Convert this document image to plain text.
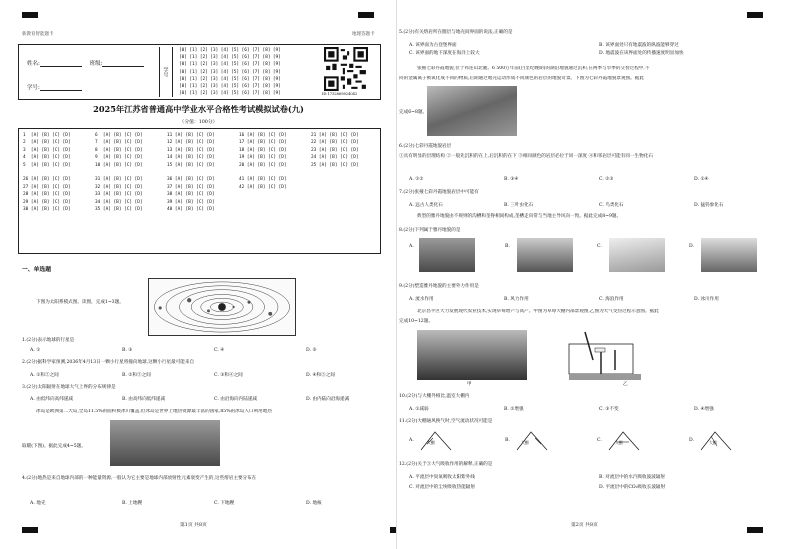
新教育智能题卡	地理答题卡
姓名:	班级:
学号:
学号
[0] [1] [2] [3] [4] [5] [6] [7] [8] [9]
[0] [1] [2] [3] [4] [5] [6] [7] [8] [9]
[0] [1] [2] [3] [4] [5] [6] [7] [8] [9]
[0] [1] [2] [3] [4] [5] [6] [7] [8] [9]
[0] [1] [2] [3] [4] [5] [6] [7] [8] [9]
[0] [1] [2] [3] [4] [5] [6] [7] [8] [9]
[0] [1] [2] [3] [4] [5] [6] [7] [8] [9]	ID:1732869824042
2025年江苏省普通高中学业水平合格性考试模拟试卷(九)
（分值：100分）
1  [A] [B] [C] [D]
2  [A] [B] [C] [D]
3  [A] [B] [C] [D]
4  [A] [B] [C] [D]
5  [A] [B] [C] [D]

26 [A] [B] [C] [D]
27 [A] [B] [C] [D]
28 [A] [B] [C] [D]
29 [A] [B] [C] [D]
30 [A] [B] [C] [D]
6  [A] [B] [C] [D]
7  [A] [B] [C] [D]
8  [A] [B] [C] [D]
9  [A] [B] [C] [D]
10 [A] [B] [C] [D]

31 [A] [B] [C] [D]
32 [A] [B] [C] [D]
33 [A] [B] [C] [D]
34 [A] [B] [C] [D]
35 [A] [B] [C] [D]
11 [A] [B] [C] [D]
12 [A] [B] [C] [D]
13 [A] [B] [C] [D]
14 [A] [B] [C] [D]
15 [A] [B] [C] [D]

36 [A] [B] [C] [D]
37 [A] [B] [C] [D]
38 [A] [B] [C] [D]
39 [A] [B] [C] [D]
40 [A] [B] [C] [D]
16 [A] [B] [C] [D]
17 [A] [B] [C] [D]
18 [A] [B] [C] [D]
19 [A] [B] [C] [D]
20 [A] [B] [C] [D]

41 [A] [B] [C] [D]
42 [A] [B] [C] [D]
21 [A] [B] [C] [D]
22 [A] [B] [C] [D]
23 [A] [B] [C] [D]
24 [A] [B] [C] [D]
25 [A] [B] [C] [D]
一、单选题
下图为太阳系模式图。读图，完成1~3题。
1.(2分)表示地球的行星是
A. ①	B. ③	C. ④	D. ⑤
2.(2分)据科学家预测,2036年4月13日一颗小行星将撞向地球,这颗小行星最可能来自
A. ①和②之间	B. ②和③之间	C. ③和④之间	D. ④和⑤之间
3.(2分)太阳辐射在地球大气上界的分布规律是
A. 由低纬向高纬递减	B. 由高纬向低纬递减	C. 由沿海向内陆递减	D. 由内陆向沿海递减
冰岛是欧洲第二大岛,全岛11.5%的面积被冰川覆盖,但冰岛是世界上地热资源最丰富的国家,85%的冰岛人口利用地热
取暖(下图)。据此完成4~5题。
4.(2分)地热是来自地球内部的一种能量资源,一般认为它主要是地球内部放射性元素衰变产生的,这些熔岩主要分布在
A. 地壳	B. 上地幔	C. 下地幔	D. 地核
第1页 共8页
5.(2分)有关熔岩所在圈层与地壳间界面的说法,正确的是
A. 该界面为古登堡界面	B. 该界面处只有地震波的纵波能够穿过
C. 该界面的地下深度在海洋上较大	D. 地震波在该界面处的传播速度明显加快
张掖七彩丹霞地貌,位于祁连山北麓。6 500万年前(白垩纪晚期)的湖泊地貌通过沉积,在两季与旱季的交替过程中,不
同的金属离子被氧化成不同的物质,后期通过地壳运动形成不同颜色的岩层的地貌奇景。下图为七彩丹霞地貌景观图。据此
完成6~8题。
6.(2分)七彩丹霞地貌岩层
①具有明显的层理结构 ②一般先沉积的在上,后沉积的在下 ③相同颜色的岩层必位于同一深度 ④和邻岩层可能有同一生物化石
A. ①②	B. ③④	C. ②③	D. ①④
7.(2分)张掖七彩丹霞地貌岩层中可能有
A. 远古人类化石	B. 三叶虫化石	C. 鸟类化石	D. 猛犸象化石
典型的雅丹地貌由不规则的沟槽和垄脊相间构成,垄槽走向常与当地主导风向一致。据此完成8~9题。
8.(2分)下列属于雅丹地貌的是
A.	B.	C.	D.
9.(2分)塑造雅丹地貌的主要外力作用是
A. 流水作用	B. 风力作用	C. 海浪作用	D. 冰川作用
北京昌平区大力发展现代农业技术,实现草莓增产与高产。甲图为草莓大棚内部景观图,乙图为大气受热过程示意图。据此
完成10~12题。
甲	乙
10.(2分)与大棚外相比,温室大棚内
A. ①减弱	B. ②增强	C. ③不变	D. ④增强
11.(2分)大棚通风换气时,空气流动状况可能是
A.	大棚	B.	大棚	C.	大棚	D.	大棚
12.(2分)关于⑤大气吸收作用的解释,正确的是
A. 平流层中臭氧吸收太阳紫外线	B. 对流层中的水汽吸收波波辐射
C. 对流层中的尘埃吸收热能辐射	D. 平流层中的CO₂吸收长波辐射
第2页 共8页
